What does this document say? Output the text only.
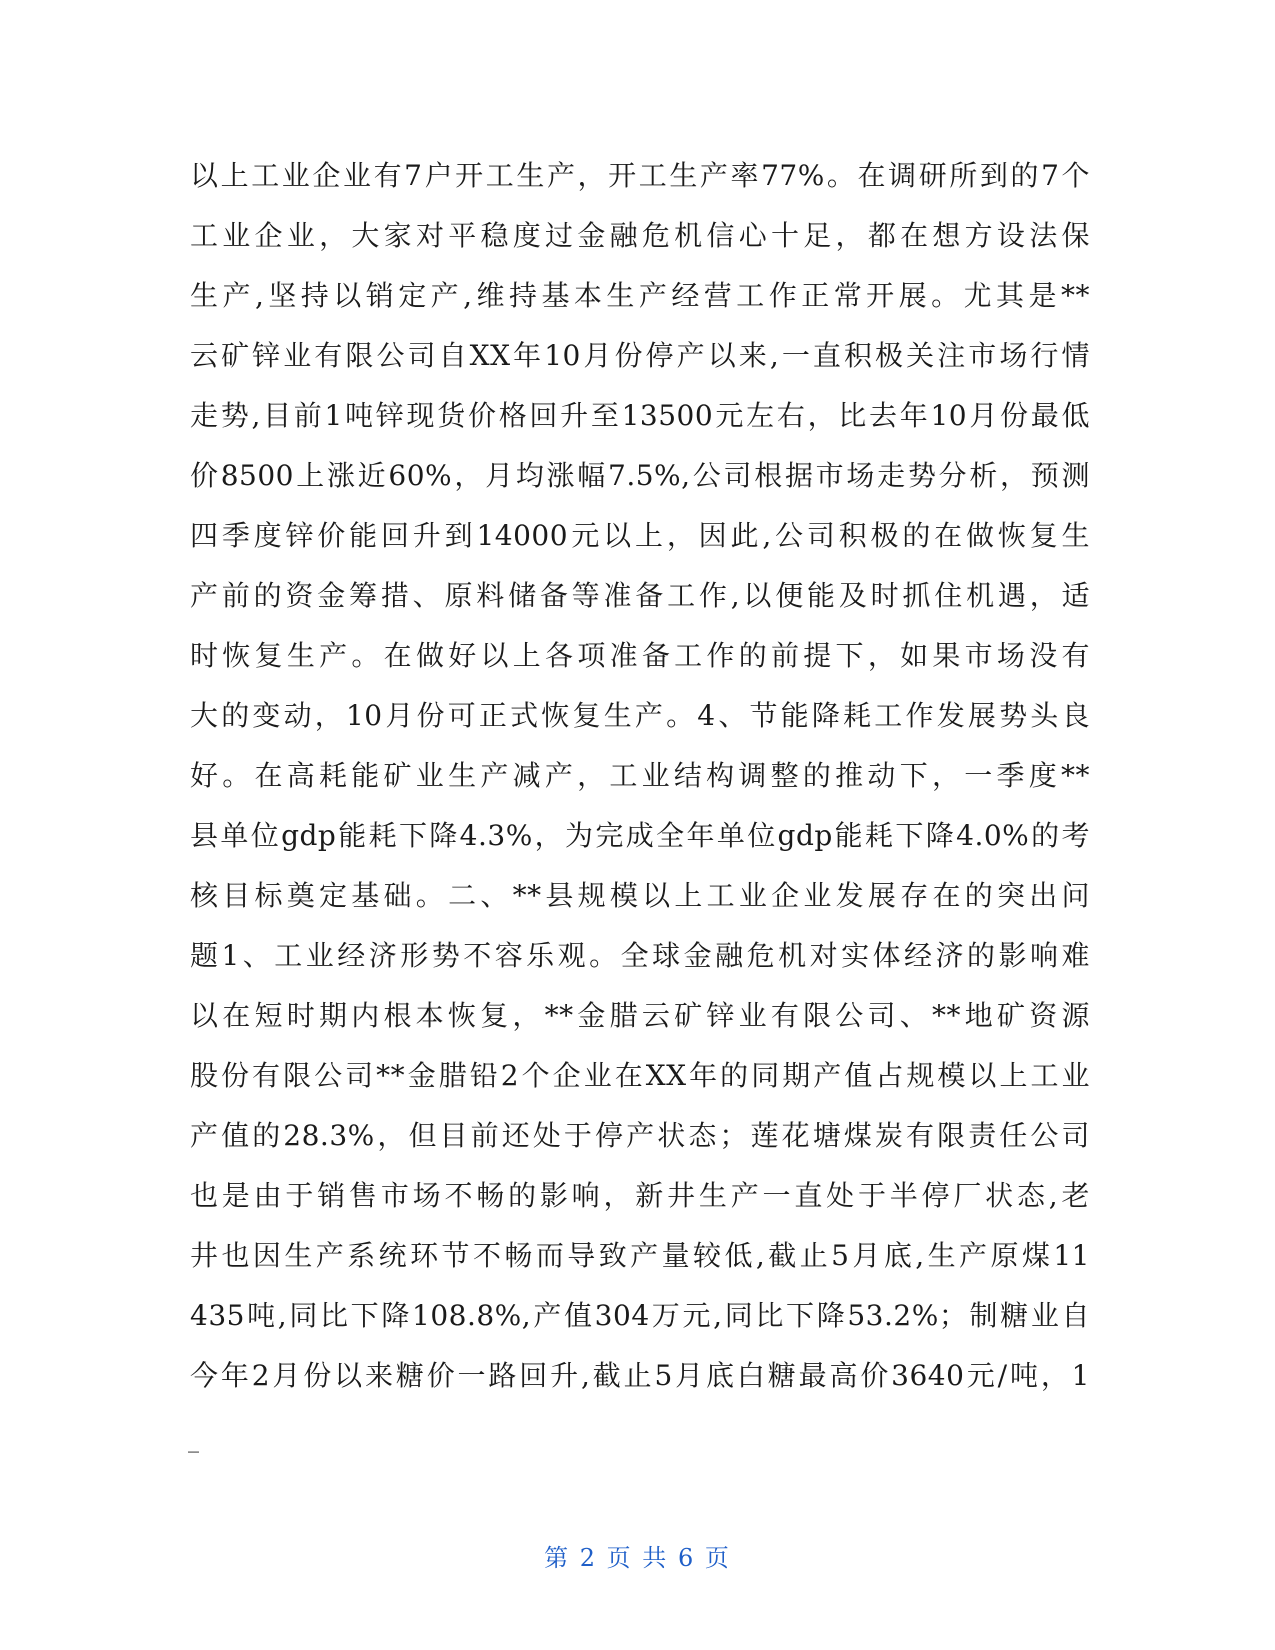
以上工业企业有7户开工生产，开工生产率77%。在调研所到的7个
工业企业，大家对平稳度过金融危机信心十足，都在想方设法保
生产,坚持以销定产,维持基本生产经营工作正常开展。尤其是**
云矿锌业有限公司自XX年10月份停产以来,一直积极关注市场行情
走势,目前1吨锌现货价格回升至13500元左右，比去年10月份最低
价8500上涨近60%，月均涨幅7.5%,公司根据市场走势分析，预测
四季度锌价能回升到14000元以上，因此,公司积极的在做恢复生
产前的资金筹措、原料储备等准备工作,以便能及时抓住机遇，适
时恢复生产。在做好以上各项准备工作的前提下，如果市场没有
大的变动，10月份可正式恢复生产。4、节能降耗工作发展势头良
好。在高耗能矿业生产减产，工业结构调整的推动下，一季度**
县单位gdp能耗下降4.3%，为完成全年单位gdp能耗下降4.0%的考
核目标奠定基础。二、**县规模以上工业企业发展存在的突出问
题1、工业经济形势不容乐观。全球金融危机对实体经济的影响难
以在短时期内根本恢复，**金腊云矿锌业有限公司、**地矿资源
股份有限公司**金腊铅2个企业在XX年的同期产值占规模以上工业
产值的28.3%，但目前还处于停产状态；莲花塘煤炭有限责任公司
也是由于销售市场不畅的影响，新井生产一直处于半停厂状态,老
井也因生产系统环节不畅而导致产量较低,截止5月底,生产原煤11
435吨,同比下降108.8%,产值304万元,同比下降53.2%；制糖业自
今年2月份以来糖价一路回升,截止5月底白糖最高价3640元/吨，1
_
第 2 页 共 6 页
